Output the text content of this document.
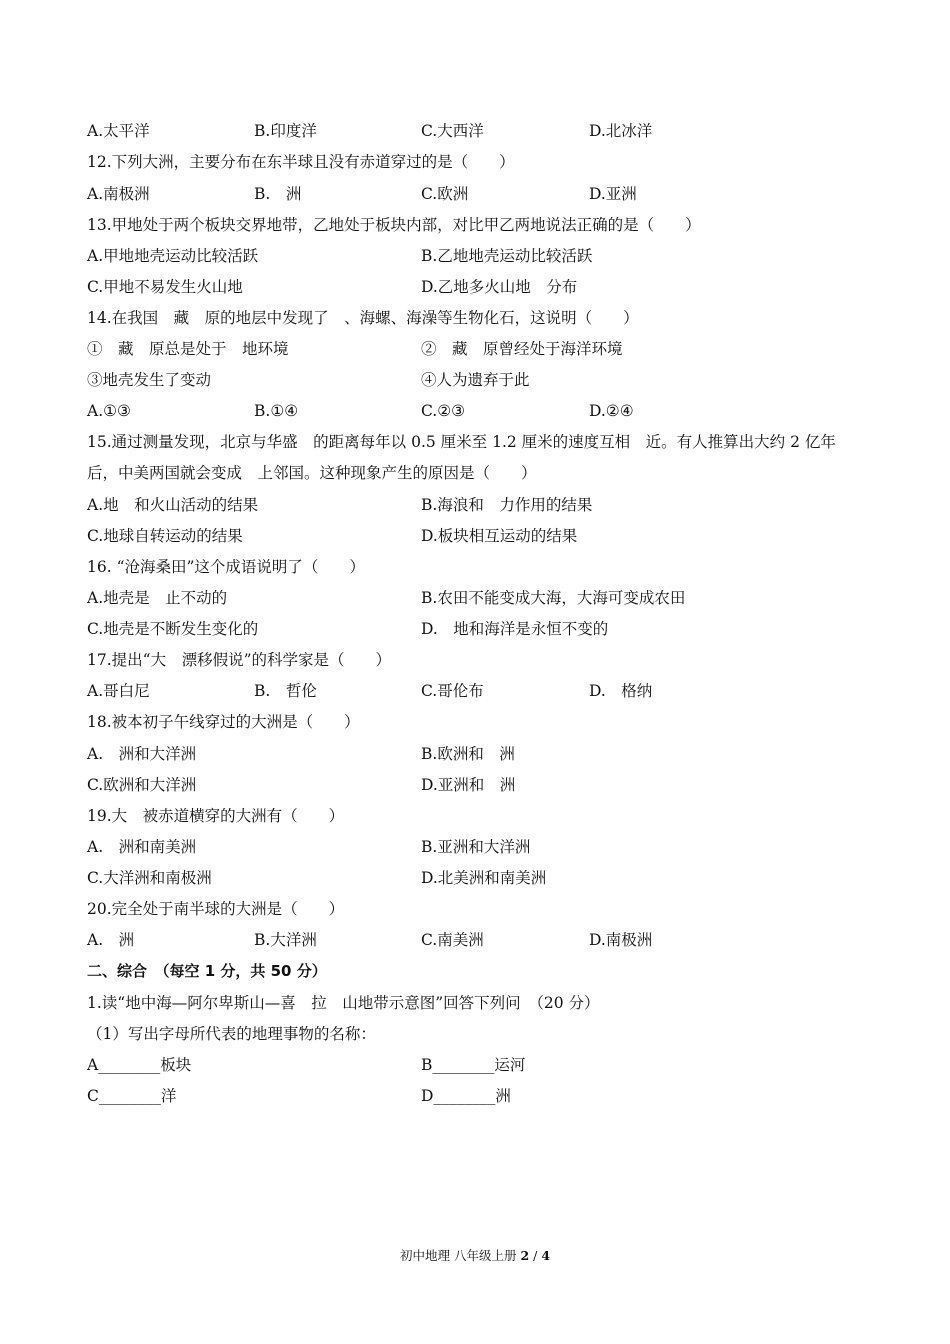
A.太平洋	B.印度洋	C.大西洋	D.北冰洋
12.下列大洲，主要分布在东半球且没有赤道穿过的是（　　）
A.南极洲	B.　洲	C.欧洲	D.亚洲
13.甲地处于两个板块交界地带，乙地处于板块内部，对比甲乙两地说法正确的是（　　）
A.甲地地壳运动比较活跃	B.乙地地壳运动比较活跃
C.甲地不易发生火山地	D.乙地多火山地　分布
14.在我国　藏　原的地层中发现了　、海螺、海澡等生物化石，这说明（　　）
①　藏　原总是处于　地环境	②　藏　原曾经处于海洋环境
③地壳发生了变动	④人为遗弃于此
A.①③	B.①④	C.②③	D.②④
15.通过测量发现，北京与华盛　的距离每年以 0.5 厘米至 1.2 厘米的速度互相　近。有人推算出大约 2 亿年
后，中美两国就会变成　上邻国。这种现象产生的原因是（　　）
A.地　和火山活动的结果	B.海浪和　力作用的结果
C.地球自转运动的结果	D.板块相互运动的结果
16. “沧海桑田”这个成语说明了（　　）
A.地壳是　止不动的	B.农田不能变成大海，大海可变成农田
C.地壳是不断发生变化的	D.　地和海洋是永恒不变的
17.提出“大　漂移假说”的科学家是（　　）
A.哥白尼	B.　哲伦	C.哥伦布	D.　格纳
18.被本初子午线穿过的大洲是（　　）
A.　洲和大洋洲	B.欧洲和　洲
C.欧洲和大洋洲	D.亚洲和　洲
19.大　被赤道横穿的大洲有（　　）
A.　洲和南美洲	B.亚洲和大洋洲
C.大洋洲和南极洲	D.北美洲和南美洲
20.完全处于南半球的大洲是（　　）
A.　洲	B.大洋洲	C.南美洲	D.南极洲
二、综合　（每空 1 分，共 50 分）
1.读“地中海—阿尔卑斯山—喜　拉　山地带示意图”回答下列问　（20 分）
（1）写出字母所代表的地理事物的名称：
A________板块	B________运河
C________洋	D________洲
初中地理 八年级上册 2 / 4
